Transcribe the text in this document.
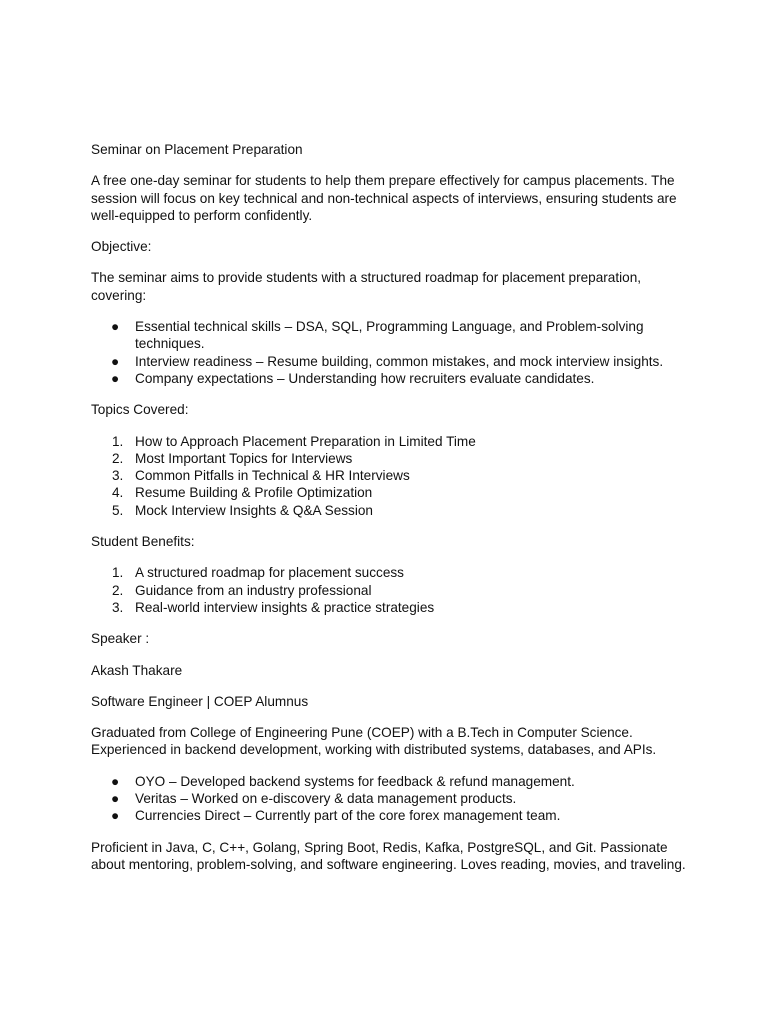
Seminar on Placement Preparation

A free one-day seminar for students to help them prepare effectively for campus placements. The session will focus on key technical and non-technical aspects of interviews, ensuring students are well-equipped to perform confidently.

Objective:

The seminar aims to provide students with a structured roadmap for placement preparation, covering:

● Essential technical skills – DSA, SQL, Programming Language, and Problem-solving techniques.
● Interview readiness – Resume building, common mistakes, and mock interview insights.
● Company expectations – Understanding how recruiters evaluate candidates.

Topics Covered:

1. How to Approach Placement Preparation in Limited Time
2. Most Important Topics for Interviews
3. Common Pitfalls in Technical & HR Interviews
4. Resume Building & Profile Optimization
5. Mock Interview Insights & Q&A Session

Student Benefits:

1. A structured roadmap for placement success
2. Guidance from an industry professional
3. Real-world interview insights & practice strategies

Speaker :

Akash Thakare

Software Engineer | COEP Alumnus

Graduated from College of Engineering Pune (COEP) with a B.Tech in Computer Science. Experienced in backend development, working with distributed systems, databases, and APIs.

● OYO – Developed backend systems for feedback & refund management.
● Veritas – Worked on e-discovery & data management products.
● Currencies Direct – Currently part of the core forex management team.

Proficient in Java, C, C++, Golang, Spring Boot, Redis, Kafka, PostgreSQL, and Git. Passionate about mentoring, problem-solving, and software engineering. Loves reading, movies, and traveling.
